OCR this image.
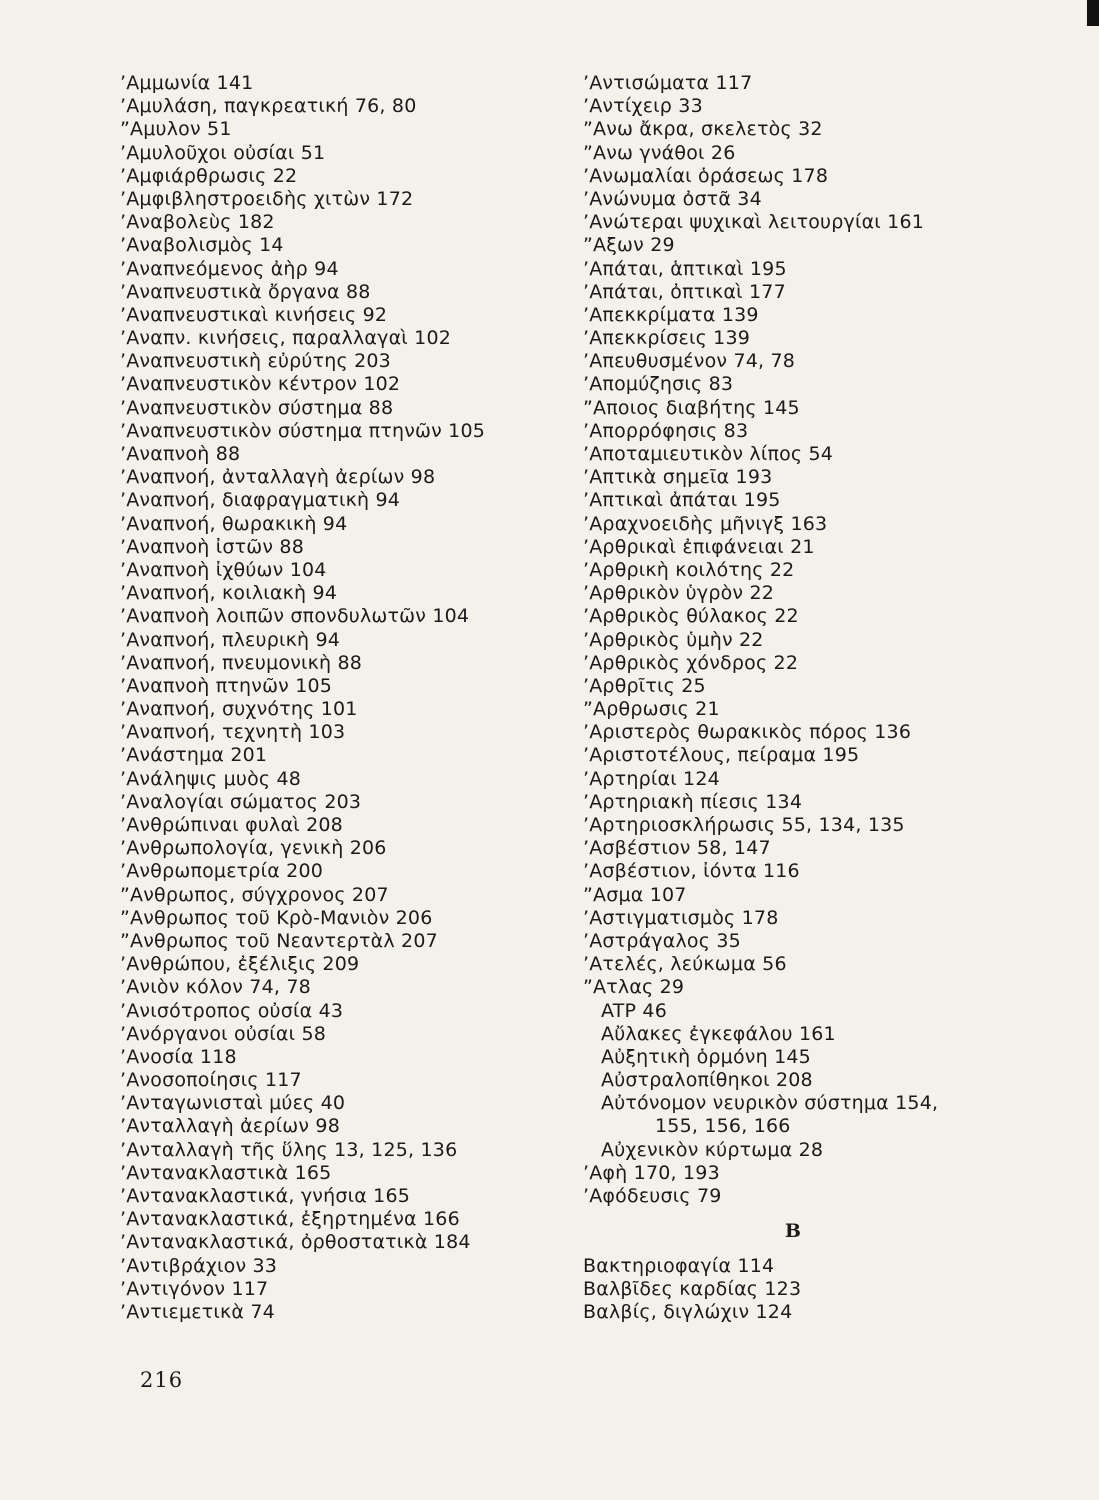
’Αμμωνία 141
’Αμυλάση, παγκρεατική 76, 80
”Αμυλον 51
’Αμυλοῦχοι οὐσίαι 51
’Αμφιάρθρωσις 22
’Αμφιβληστροειδὴς χιτὼν 172
’Αναβολεὺς 182
’Αναβολισμὸς 14
’Αναπνεόμενος ἀὴρ 94
’Αναπνευστικὰ ὄργανα 88
’Αναπνευστικαὶ κινήσεις 92
’Αναπν. κινήσεις, παραλλαγαὶ 102
’Αναπνευστικὴ εὐρύτης 203
’Αναπνευστικὸν κέντρον 102
’Αναπνευστικὸν σύστημα 88
’Αναπνευστικὸν σύστημα πτηνῶν 105
’Αναπνοὴ 88
’Αναπνοή, ἀνταλλαγὴ ἀερίων 98
’Αναπνοή, διαφραγματικὴ 94
’Αναπνοή, θωρακικὴ 94
’Αναπνοὴ ἰστῶν 88
’Αναπνοὴ ἰχθύων 104
’Αναπνοή, κοιλιακὴ 94
’Αναπνοὴ λοιπῶν σπονδυλωτῶν 104
’Αναπνοή, πλευρικὴ 94
’Αναπνοή, πνευμονικὴ 88
’Αναπνοὴ πτηνῶν 105
’Αναπνοή, συχνότης 101
’Αναπνοή, τεχνητὴ 103
’Ανάστημα 201
’Ανάληψις μυὸς 48
’Αναλογίαι σώματος 203
’Ανθρώπιναι φυλαὶ 208
’Ανθρωπολογία, γενικὴ 206
’Ανθρωπομετρία 200
”Ανθρωπος, σύγχρονος 207
”Ανθρωπος τοῦ Κρὸ-Μανιὸν 206
”Ανθρωπος τοῦ Νεαντερτὰλ 207
’Ανθρώπου, ἐξέλιξις 209
’Ανιὸν κόλον 74, 78
’Ανισότροπος οὐσία 43
’Ανόργανοι οὐσίαι 58
’Ανοσία 118
’Ανοσοποίησις 117
’Ανταγωνισταὶ μύες 40
’Ανταλλαγὴ ἀερίων 98
’Ανταλλαγὴ τῆς ὕλης 13, 125, 136
’Αντανακλαστικὰ 165
’Αντανακλαστικά, γνήσια 165
’Αντανακλαστικά, ἐξηρτημένα 166
’Αντανακλαστικά, ὀρθοστατικὰ 184
’Αντιβράχιον 33
’Αντιγόνον 117
’Αντιεμετικὰ 74
’Αντισώματα 117
’Αντίχειρ 33
”Ανω ἄκρα, σκελετὸς 32
”Ανω γνάθοι 26
’Ανωμαλίαι ὁράσεως 178
’Ανώνυμα ὀστᾶ 34
’Ανώτεραι ψυχικαὶ λειτουργίαι 161
”Αξων 29
’Απάται, ἁπτικαὶ 195
’Απάται, ὀπτικαὶ 177
’Απεκκρίματα 139
’Απεκκρίσεις 139
’Απευθυσμένον 74, 78
’Απομύζησις 83
”Αποιος διαβήτης 145
’Απορρόφησις 83
’Αποταμιευτικὸν λίπος 54
’Απτικὰ σημεῖα 193
’Απτικαὶ ἀπάται 195
’Αραχνοειδὴς μῆνιγξ 163
’Αρθρικαὶ ἐπιφάνειαι 21
’Αρθρικὴ κοιλότης 22
’Αρθρικὸν ὑγρὸν 22
’Αρθρικὸς θύλακος 22
’Αρθρικὸς ὑμὴν 22
’Αρθρικὸς χόνδρος 22
’Αρθρῖτις 25
”Αρθρωσις 21
’Αριστερὸς θωρακικὸς πόρος 136
’Αριστοτέλους, πείραμα 195
’Αρτηρίαι 124
’Αρτηριακὴ πίεσις 134
’Αρτηριοσκλήρωσις 55, 134, 135
’Ασβέστιον 58, 147
’Ασβέστιον, ἰόντα 116
”Ασμα 107
’Αστιγματισμὸς 178
’Αστράγαλος 35
’Ατελές, λεύκωμα 56
”Ατλας 29
ATP 46
Αὔλακες ἐγκεφάλου 161
Αὐξητικὴ ὁρμόνη 145
Αὐστραλοπίθηκοι 208
Αὐτόνομον νευρικὸν σύστημα 154,
155, 156, 166
Αὐχενικὸν κύρτωμα 28
’Αφὴ 170, 193
’Αφόδευσις 79
Β
Βακτηριοφαγία 114
Βαλβῖδες καρδίας 123
Βαλβίς, διγλώχιν 124
216
